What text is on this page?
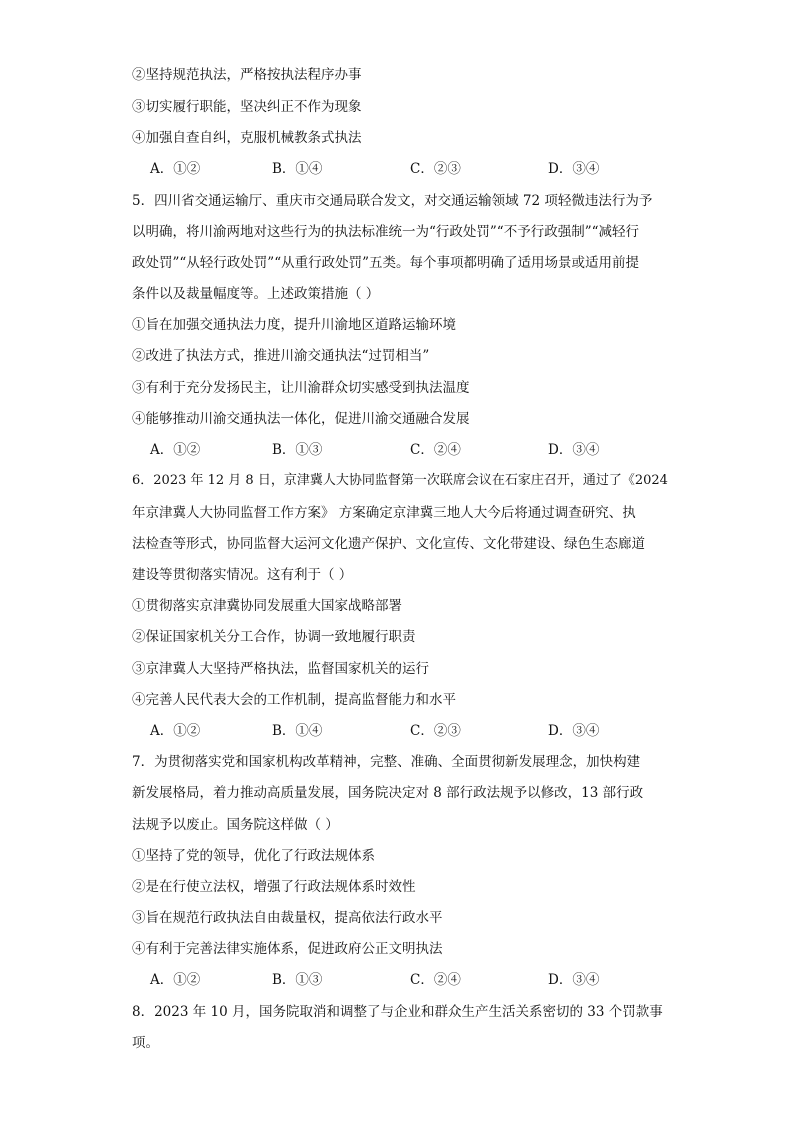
②坚持规范执法，严格按执法程序办事
③切实履行职能，坚决纠正不作为现象
④加强自查自纠，克服机械教条式执法
A．①②	B．①④	C．②③	D．③④
5．四川省交通运输厅、重庆市交通局联合发文，对交通运输领域 72 项轻微违法行为予
以明确，将川渝两地对这些行为的执法标准统一为“行政处罚”“不予行政强制”“减轻行
政处罚”“从轻行政处罚”“从重行政处罚”五类。每个事项都明确了适用场景或适用前提
条件以及裁量幅度等。上述政策措施（ ）
①旨在加强交通执法力度，提升川渝地区道路运输环境
②改进了执法方式，推进川渝交通执法“过罚相当”
③有利于充分发扬民主，让川渝群众切实感受到执法温度
④能够推动川渝交通执法一体化，促进川渝交通融合发展
A．①②	B．①③	C．②④	D．③④
6．2023 年 12 月 8 日，京津冀人大协同监督第一次联席会议在石家庄召开，通过了《2024
年京津冀人大协同监督工作方案》 方案确定京津冀三地人大今后将通过调查研究、执
法检查等形式，协同监督大运河文化遗产保护、文化宣传、文化带建设、绿色生态廊道
建设等贯彻落实情况。这有利于（ ）
①贯彻落实京津冀协同发展重大国家战略部署
②保证国家机关分工合作，协调一致地履行职责
③京津冀人大坚持严格执法，监督国家机关的运行
④完善人民代表大会的工作机制，提高监督能力和水平
A．①②	B．①④	C．②③	D．③④
7．为贯彻落实党和国家机构改革精神，完整、准确、全面贯彻新发展理念，加快构建
新发展格局，着力推动高质量发展，国务院决定对 8 部行政法规予以修改，13 部行政
法规予以废止。国务院这样做（ ）
①坚持了党的领导，优化了行政法规体系
②是在行使立法权，增强了行政法规体系时效性
③旨在规范行政执法自由裁量权，提高依法行政水平
④有利于完善法律实施体系，促进政府公正文明执法
A．①②	B．①③	C．②④	D．③④
8．2023 年 10 月，国务院取消和调整了与企业和群众生产生活关系密切的 33 个罚款事
项。
